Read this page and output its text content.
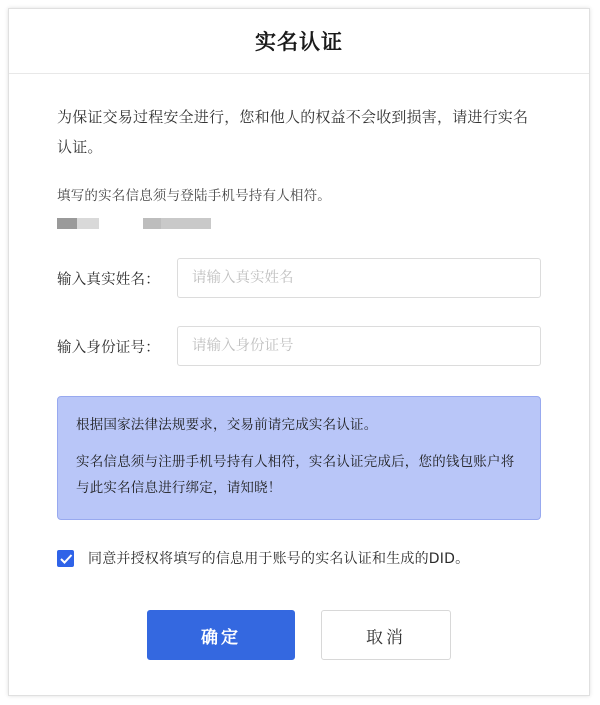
实名认证

为保证交易过程安全进行，您和他人的权益不会收到损害，请进行实名认证。

填写的实名信息须与登陆手机号持有人相符。
输入真实姓名：
请输入真实姓名
输入身份证号：
请输入身份证号
根据国家法律法规要求，交易前请完成实名认证。
实名信息须与注册手机号持有人相符，实名认证完成后，您的钱包账户将与此实名信息进行绑定，请知晓！
同意并授权将填写的信息用于账号的实名认证和生成的DID。
确定	取消
